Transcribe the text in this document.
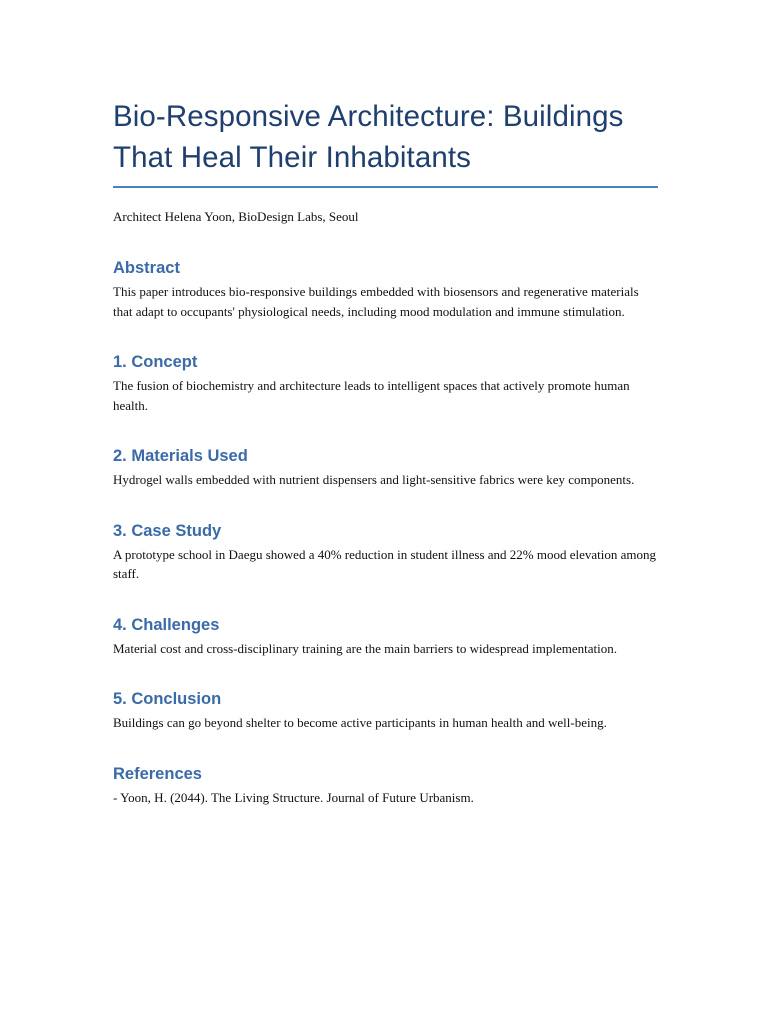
Bio-Responsive Architecture: Buildings That Heal Their Inhabitants

Architect Helena Yoon, BioDesign Labs, Seoul

Abstract

This paper introduces bio-responsive buildings embedded with biosensors and regenerative materials that adapt to occupants' physiological needs, including mood modulation and immune stimulation.

1. Concept

The fusion of biochemistry and architecture leads to intelligent spaces that actively promote human health.

2. Materials Used

Hydrogel walls embedded with nutrient dispensers and light-sensitive fabrics were key components.

3. Case Study

A prototype school in Daegu showed a 40% reduction in student illness and 22% mood elevation among staff.

4. Challenges

Material cost and cross-disciplinary training are the main barriers to widespread implementation.

5. Conclusion

Buildings can go beyond shelter to become active participants in human health and well-being.

References

- Yoon, H. (2044). The Living Structure. Journal of Future Urbanism.
